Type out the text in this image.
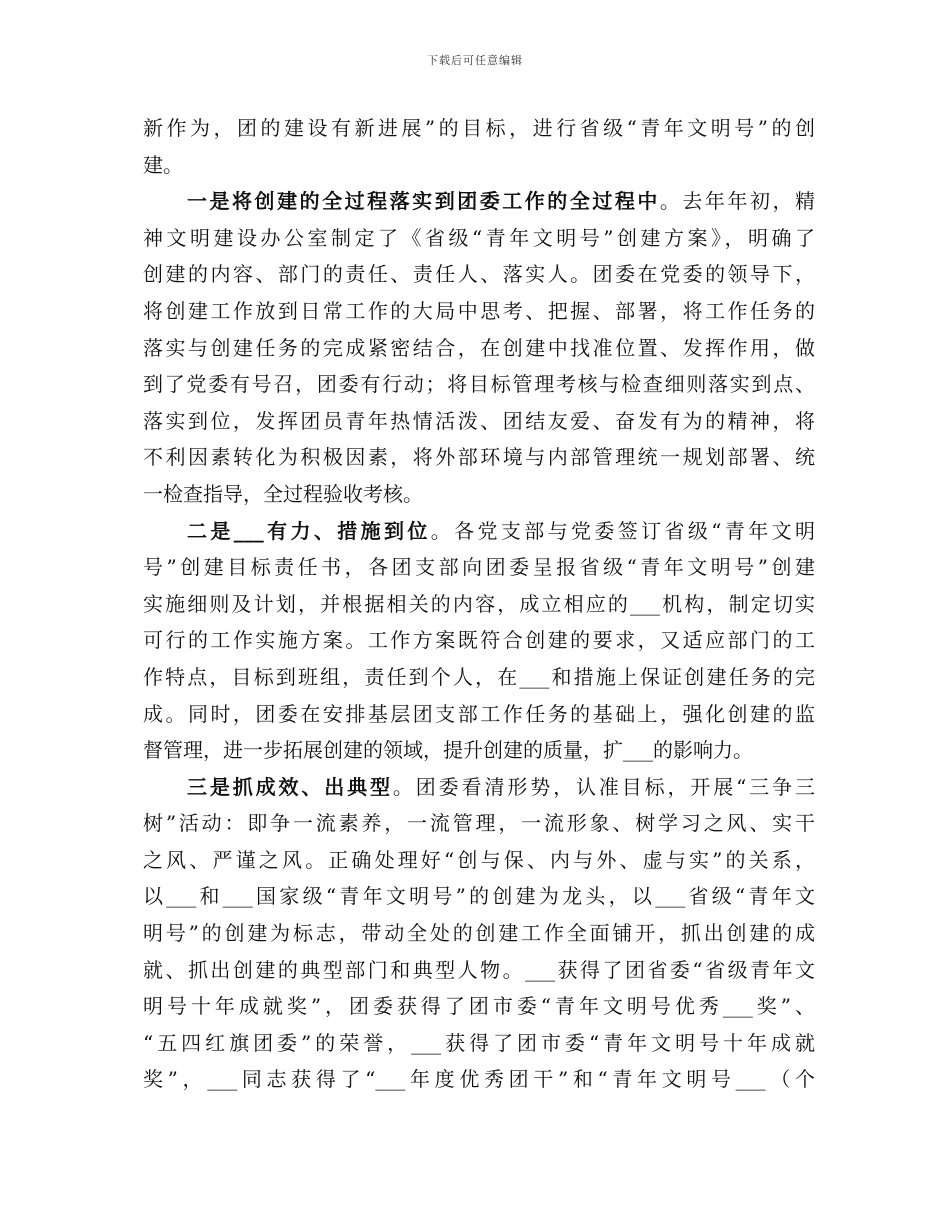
下载后可任意编辑
新作为，团的建设有新进展”的目标，进行省级“青年文明号”的创
建。
一是将创建的全过程落实到团委工作的全过程中。去年年初，精
神文明建设办公室制定了《省级“青年文明号”创建方案》，明确了
创建的内容、部门的责任、责任人、落实人。团委在党委的领导下，
将创建工作放到日常工作的大局中思考、把握、部署，将工作任务的
落实与创建任务的完成紧密结合，在创建中找准位置、发挥作用，做
到了党委有号召，团委有行动；将目标管理考核与检查细则落实到点、
落实到位，发挥团员青年热情活泼、团结友爱、奋发有为的精神，将
不利因素转化为积极因素，将外部环境与内部管理统一规划部署、统
一检查指导，全过程验收考核。
二是___有力、措施到位。各党支部与党委签订省级“青年文明
号”创建目标责任书，各团支部向团委呈报省级“青年文明号”创建
实施细则及计划，并根据相关的内容，成立相应的___机构，制定切实
可行的工作实施方案。工作方案既符合创建的要求，又适应部门的工
作特点，目标到班组，责任到个人，在___和措施上保证创建任务的完
成。同时，团委在安排基层团支部工作任务的基础上，强化创建的监
督管理，进一步拓展创建的领域，提升创建的质量，扩___的影响力。
三是抓成效、出典型。团委看清形势，认准目标，开展“三争三
树”活动：即争一流素养，一流管理，一流形象、树学习之风、实干
之风、严谨之风。正确处理好“创与保、内与外、虚与实”的关系，
以___和___国家级“青年文明号”的创建为龙头，以___省级“青年文
明号”的创建为标志，带动全处的创建工作全面铺开，抓出创建的成
就、抓出创建的典型部门和典型人物。___获得了团省委“省级青年文
明号十年成就奖”，团委获得了团市委“青年文明号优秀___奖”、
“五四红旗团委”的荣誉，___获得了团市委“青年文明号十年成就
奖”，___同志获得了“___年度优秀团干”和“青年文明号___（个
